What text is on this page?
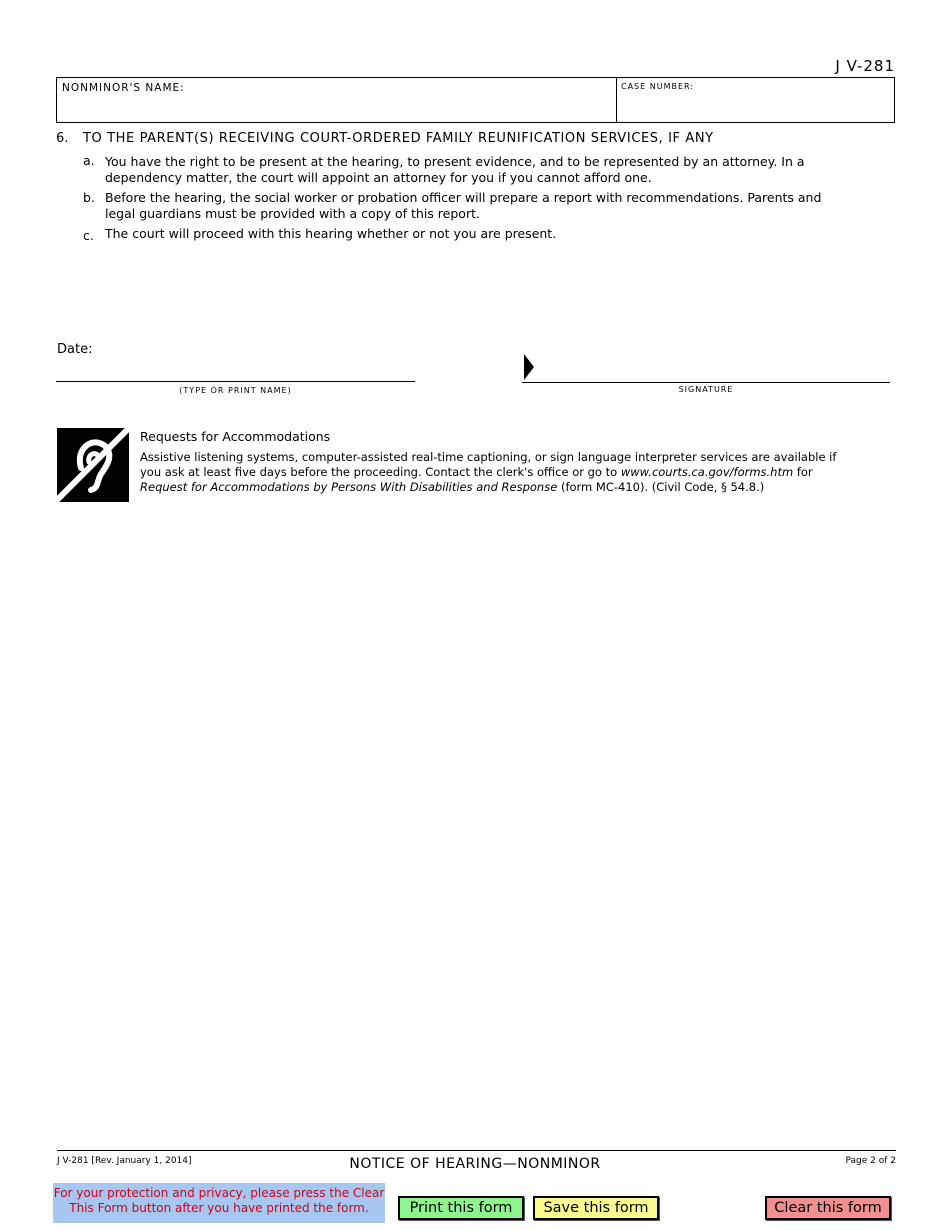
J V-281
NONMINOR'S NAME:	CASE NUMBER:
6. TO THE PARENT(S) RECEIVING COURT-ORDERED FAMILY REUNIFICATION SERVICES, IF ANY
a. You have the right to be present at the hearing, to present evidence, and to be represented by an attorney. In a dependency matter, the court will appoint an attorney for you if you cannot afford one.
b. Before the hearing, the social worker or probation officer will prepare a report with recommendations. Parents and legal guardians must be provided with a copy of this report.
c. The court will proceed with this hearing whether or not you are present.
Date:
(TYPE OR PRINT NAME)	SIGNATURE
Requests for Accommodations
Assistive listening systems, computer-assisted real-time captioning, or sign language interpreter services are available if you ask at least five days before the proceeding. Contact the clerk's office or go to www.courts.ca.gov/forms.htm for Request for Accommodations by Persons With Disabilities and Response (form MC-410). (Civil Code, § 54.8.)
J V-281 [Rev. January 1, 2014]	NOTICE OF HEARING—NONMINOR	Page 2 of 2
For your protection and privacy, please press the Clear This Form button after you have printed the form.	Print this form	Save this form	Clear this form
